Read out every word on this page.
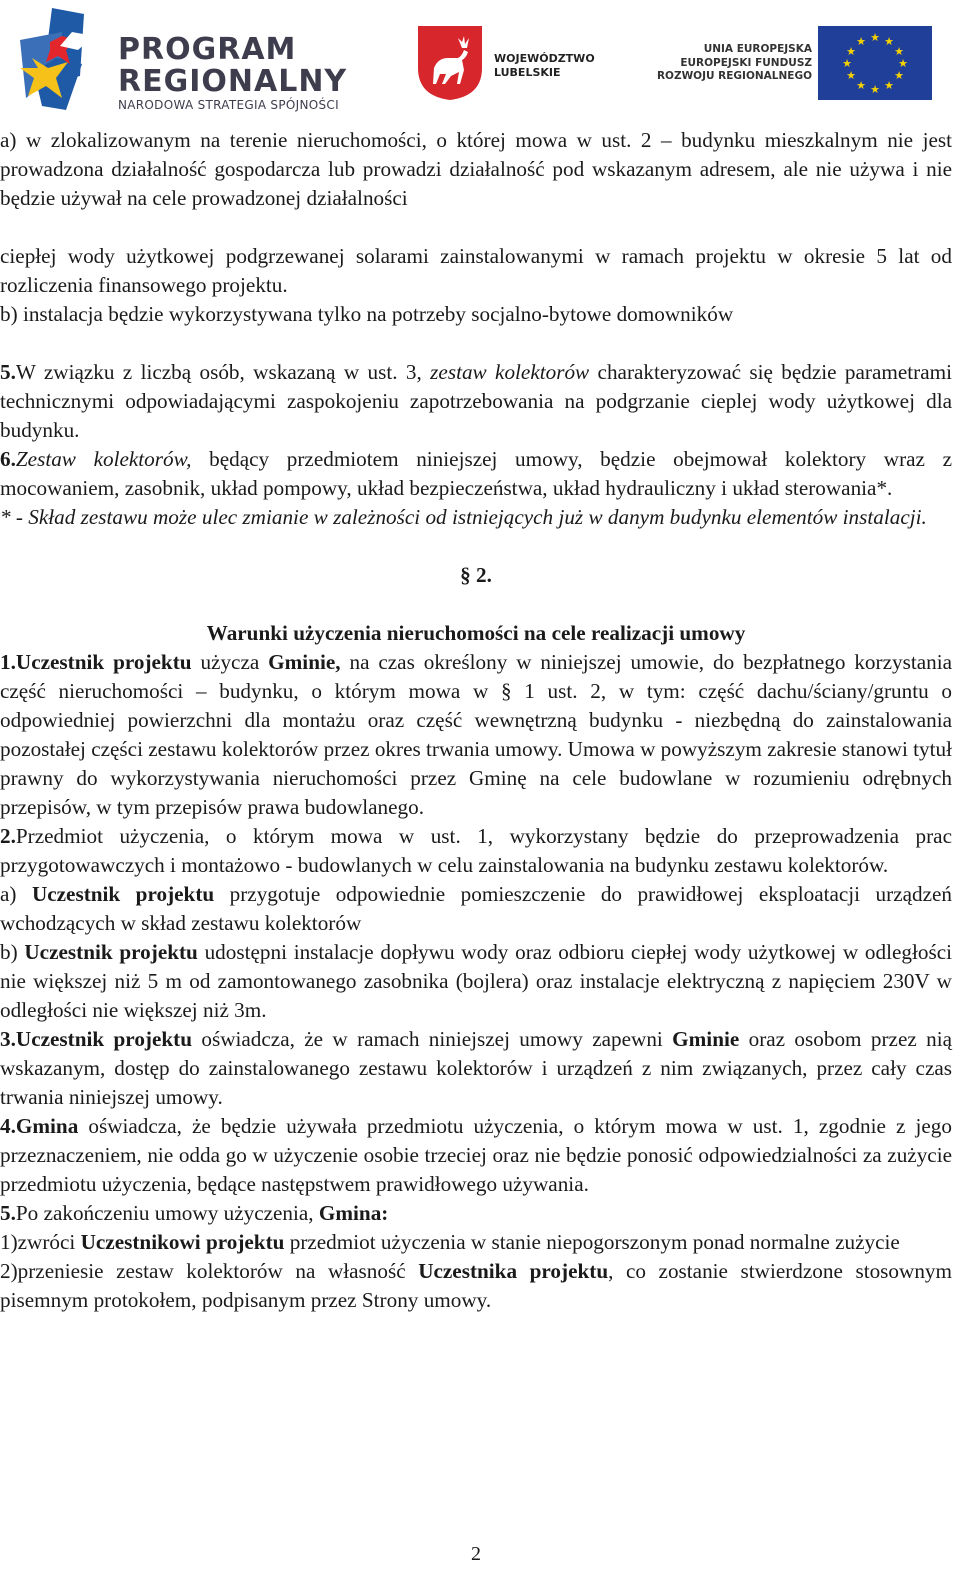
PROGRAM
REGIONALNY
NARODOWA STRATEGIA SPÓJNOŚCI
WOJEWÓDZTWO
LUBELSKIE
UNIA EUROPEJSKA
EUROPEJSKI FUNDUSZ
ROZWOJU REGIONALNEGO
★ ★
★
★
★
★
★
★
★
★
★
★

a) w zlokalizowanym na terenie nieruchomości, o której mowa w ust. 2 – budynku mieszkalnym nie jest prowadzona działalność gospodarcza lub prowadzi działalność pod wskazanym adresem, ale nie używa i nie będzie używał na cele prowadzonej działalności

ciepłej wody użytkowej podgrzewanej solarami zainstalowanymi w ramach projektu w okresie 5 lat od rozliczenia finansowego projektu.

b) instalacja będzie wykorzystywana tylko na potrzeby socjalno-bytowe domowników

5.W związku z liczbą osób, wskazaną w ust. 3, zestaw kolektorów charakteryzować się będzie parametrami technicznymi odpowiadającymi zaspokojeniu zapotrzebowania na podgrzanie cieplej wody użytkowej dla budynku.

6.Zestaw kolektorów, będący przedmiotem niniejszej umowy, będzie obejmował kolektory wraz z mocowaniem, zasobnik, układ pompowy, układ bezpieczeństwa, układ hydrauliczny i układ sterowania*.

* - Skład zestawu może ulec zmianie w zależności od istniejących już w danym budynku elementów instalacji.

§ 2.

Warunki użyczenia nieruchomości na cele realizacji umowy

1.Uczestnik projektu użycza Gminie, na czas określony w niniejszej umowie, do bezpłatnego korzystania część nieruchomości – budynku, o którym mowa w § 1 ust. 2, w tym: część dachu/ściany/gruntu o odpowiedniej powierzchni dla montażu oraz część wewnętrzną budynku - niezbędną do zainstalowania pozostałej części zestawu kolektorów przez okres trwania umowy. Umowa w powyższym zakresie stanowi tytuł prawny do wykorzystywania nieruchomości przez Gminę na cele budowlane w rozumieniu odrębnych przepisów, w tym przepisów prawa budowlanego.

2.Przedmiot użyczenia, o którym mowa w ust. 1, wykorzystany będzie do przeprowadzenia prac przygotowawczych i montażowo - budowlanych w celu zainstalowania na budynku zestawu kolektorów.

a) Uczestnik projektu przygotuje odpowiednie pomieszczenie do prawidłowej eksploatacji urządzeń wchodzących w skład zestawu kolektorów

b) Uczestnik projektu udostępni instalacje dopływu wody oraz odbioru ciepłej wody użytkowej w odległości nie większej niż 5 m od zamontowanego zasobnika (bojlera) oraz instalacje elektryczną z napięciem 230V w odległości nie większej niż 3m.

3.Uczestnik projektu oświadcza, że w ramach niniejszej umowy zapewni Gminie oraz osobom przez nią wskazanym, dostęp do zainstalowanego zestawu kolektorów i urządzeń z nim związanych, przez cały czas trwania niniejszej umowy.

4.Gmina oświadcza, że będzie używała przedmiotu użyczenia, o którym mowa w ust. 1, zgodnie z jego przeznaczeniem, nie odda go w użyczenie osobie trzeciej oraz nie będzie ponosić odpowiedzialności za zużycie przedmiotu użyczenia, będące następstwem prawidłowego używania.

5.Po zakończeniu umowy użyczenia, Gmina:

1)zwróci Uczestnikowi projektu przedmiot użyczenia w stanie niepogorszonym ponad normalne zużycie

2)przeniesie zestaw kolektorów na własność Uczestnika projektu, co zostanie stwierdzone stosownym pisemnym protokołem, podpisanym przez Strony umowy.

2
